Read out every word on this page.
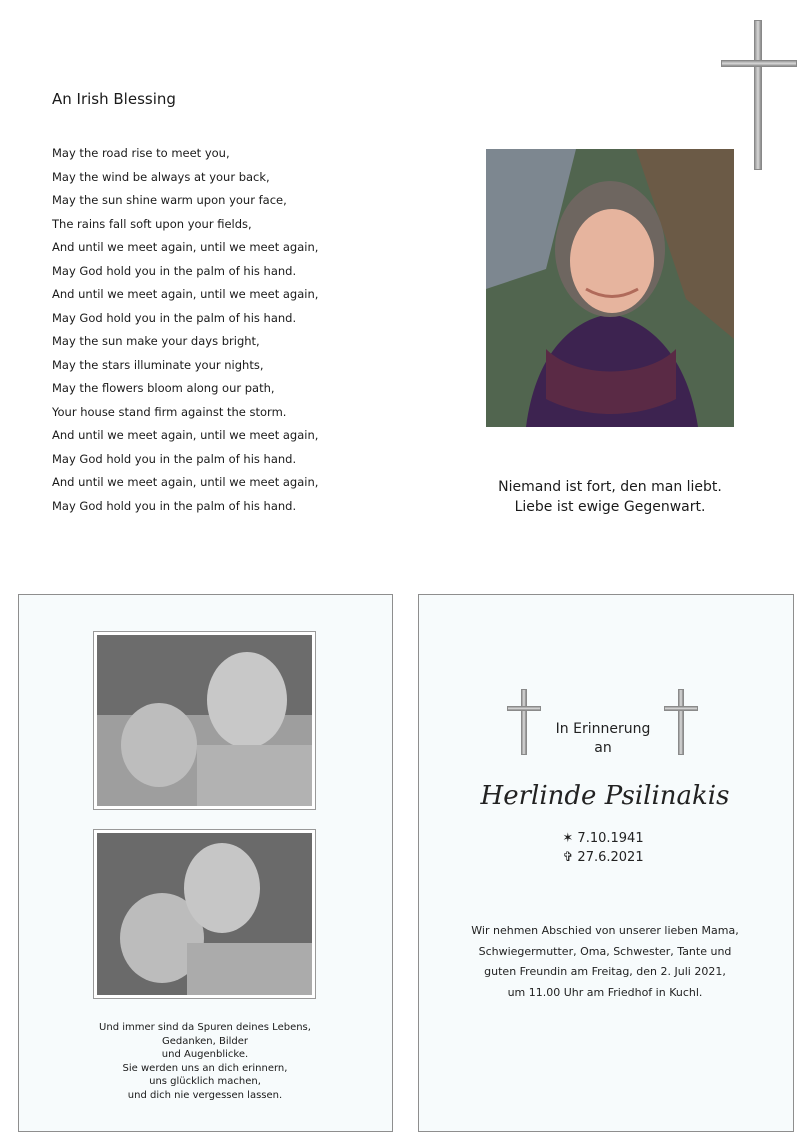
An Irish Blessing
May the road rise to meet you,
May the wind be always at your back,
May the sun shine warm upon your face,
The rains fall soft upon your fields,
And until we meet again, until we meet again,
May God hold you in the palm of his hand.
And until we meet again, until we meet again,
May God hold you in the palm of his hand.
May the sun make your days bright,
May the stars illuminate your nights,
May the flowers bloom along our path,
Your house stand firm against the storm.
And until we meet again, until we meet again,
May God hold you in the palm of his hand.
And until we meet again, until we meet again,
May God hold you in the palm of his hand.
Niemand ist fort, den man liebt.
Liebe ist ewige Gegenwart.
Und immer sind da Spuren deines Lebens,
Gedanken, Bilder
und Augenblicke.
Sie werden uns an dich erinnern,
uns glücklich machen,
und dich nie vergessen lassen.
In Erinnerung
an
Herlinde Psilinakis
✶ 7.10.1941
✞ 27.6.2021
Wir nehmen Abschied von unserer lieben Mama,
Schwiegermutter, Oma, Schwester, Tante und
guten Freundin am Freitag, den 2. Juli 2021,
um 11.00 Uhr am Friedhof in Kuchl.
